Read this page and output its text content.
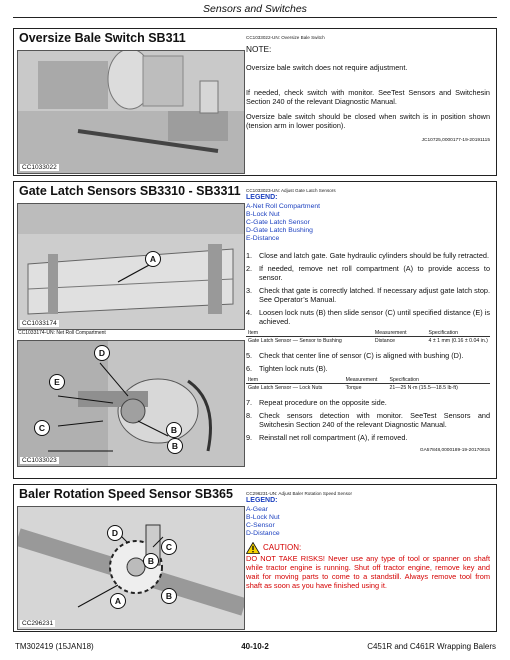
Sensors and Switches
Oversize Bale Switch SB311
CC1033022
CC1033022-UN: Oversize Bale Switch
NOTE:
Oversize bale switch does not require adjustment.
If needed, check switch with monitor. SeeTest Sensors and Switchesin Section 240 of the relevant Diagnostic Manual.
Oversize bale switch should be closed when switch is in position shown (tension arm in lower position).
JC10725,0000177-19-20191115
Gate Latch Sensors SB3310 - SB3311
A
CC1033174
CC1033174-UN: Net Roll Compartment
D
E
C	B
B
CC1033023
CC1033023-UN: Adjust Gate Latch Sensors
LEGEND:
A-Net Roll Compartment
B-Lock Nut
C-Gate Latch Sensor
D-Gate Latch Bushing
E-Distance
1. Close and latch gate. Gate hydraulic cylinders should be fully retracted.
2. If needed, remove net roll compartment (A) to provide access to sensor.
3. Check that gate is correctly latched. If necessary adjust gate latch stop. See Operator’s Manual.
4. Loosen lock nuts (B) then slide sensor (C) until specified distance (E) is achieved.
Item	Measurement	Specification
Gate Latch Sensor — Sensor to Bushing	Distance	4 ± 1 mm (0.16 ± 0.04 in.)
5. Check that center line of sensor (C) is aligned with bushing (D).
6. Tighten lock nuts (B).
Item	Measurement	Specification
Gate Latch Sensor — Lock Nuts	Torque	21—25 N·m (15.5—18.5 lb·ft)
7. Repeat procedure on the opposite side.
8. Check sensors detection with monitor. SeeTest Sensors and Switchesin Section 240 of the relevant Diagnostic Manual.
9. Reinstall net roll compartment (A), if removed.
GA57848,0000189-19-20170615
Baler Rotation Speed Sensor SB365
D
C
B
B
A
CC296231
CC296231-UN: Adjust Baler Rotation Speed Sensor
LEGEND:
A-Gear
B-Lock Nut
C-Sensor
D-Distance
CAUTION:
DO NOT TAKE RISKS! Never use any type of tool or spanner on shaft while tractor engine is running. Shut off tractor engine, remove key and wait for moving parts to come to a standstill. Always remove tool from shaft as soon as you have finished using it.
TM302419 (15JAN18)	40-10-2	C451R and C461R Wrapping Balers
